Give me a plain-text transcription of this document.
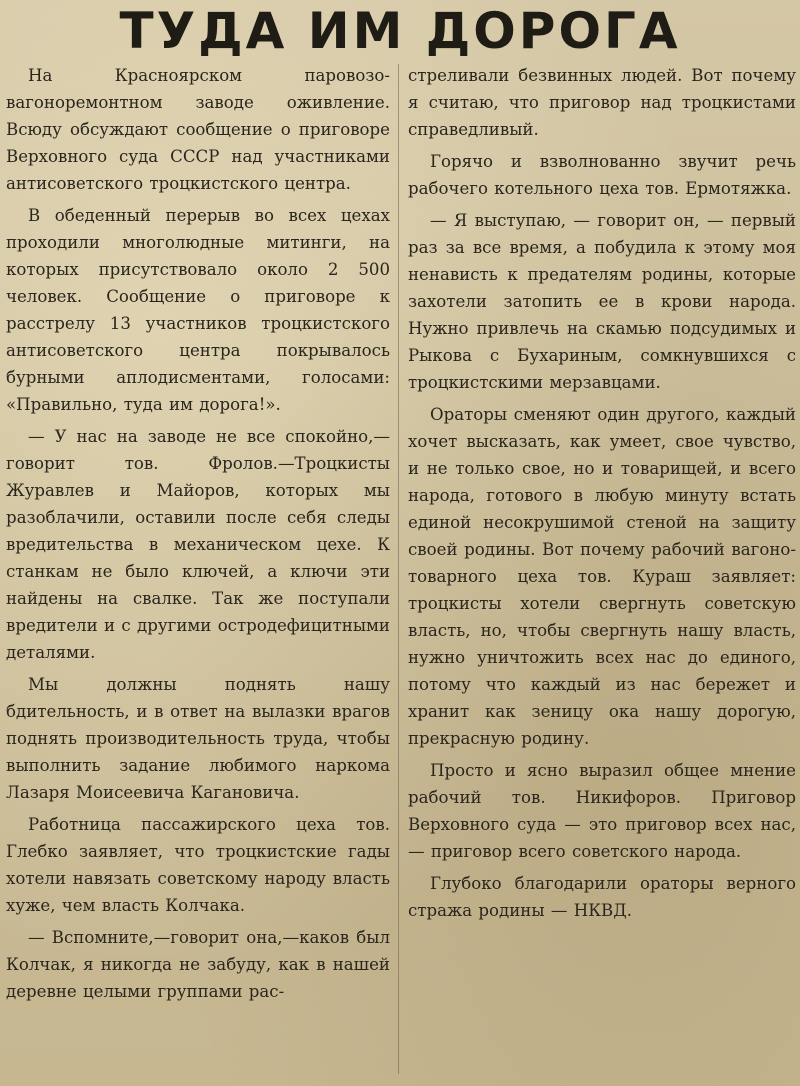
ТУДА ИМ ДОРОГА

На Красноярском паровозо-вагоноремонтном заводе оживление. Всюду обсуждают сообщение о приговоре Верховного суда СССР над участниками антисоветского троцкистского центра.

В обеденный перерыв во всех цехах проходили многолюдные митинги, на которых присутствовало около 2 500 человек. Сообщение о приговоре к расстрелу 13 участников троцкистского антисоветского центра покрывалось бурными аплодисментами, голосами: «Правильно, туда им дорога!».

— У нас на заводе не все спокойно,—говорит тов. Фролов.—Троцкисты Журавлев и Майоров, которых мы разоблачили, оставили после себя следы вредительства в механическом цехе. К станкам не было ключей, а ключи эти найдены на свалке. Так же поступали вредители и с другими остродефицитными деталями.

Мы должны поднять нашу бдительность, и в ответ на вылазки врагов поднять производительность труда, чтобы выполнить задание любимого наркома Лазаря Моисеевича Кагановича.

Работница пассажирского цеха тов. Глебко заявляет, что троцкистские гады хотели навязать советскому народу власть хуже, чем власть Колчака.

— Вспомните,—говорит она,—каков был Колчак, я никогда не забуду, как в нашей деревне целыми группами рас-

стреливали безвинных людей. Вот почему я считаю, что приговор над троцкистами справедливый.

Горячо и взволнованно звучит речь рабочего котельного цеха тов. Ермотяжка.

— Я выступаю, — говорит он, — первый раз за все время, а побудила к этому моя ненависть к предателям родины, которые захотели затопить ее в крови народа. Нужно привлечь на скамью подсудимых и Рыкова с Бухариным, сомкнувшихся с троцкистскими мерзавцами.

Ораторы сменяют один другого, каждый хочет высказать, как умеет, свое чувство, и не только свое, но и товарищей, и всего народа, готового в любую минуту встать единой несокрушимой стеной на защиту своей родины. Вот почему рабочий вагоно-товарного цеха тов. Кураш заявляет: троцкисты хотели свергнуть советскую власть, но, чтобы свергнуть нашу власть, нужно уничтожить всех нас до единого, потому что каждый из нас бережет и хранит как зеницу ока нашу дорогую, прекрасную родину.

Просто и ясно выразил общее мнение рабочий тов. Никифоров. Приговор Верховного суда — это приговор всех нас, — приговор всего советского народа.

Глубоко благодарили ораторы верного стража родины — НКВД.
